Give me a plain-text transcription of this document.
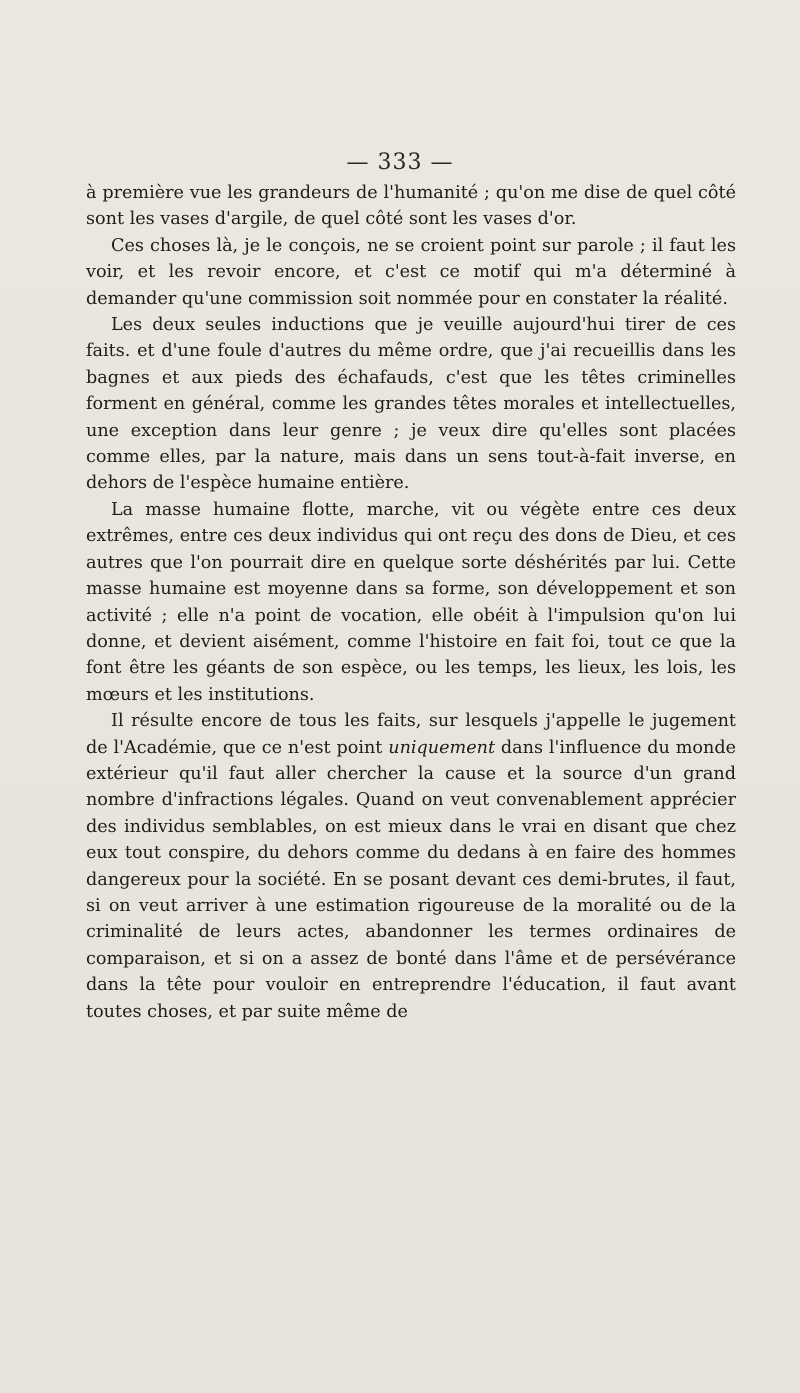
— 333 —

à première vue les grandeurs de l'humanité ; qu'on me dise de quel côté sont les vases d'argile, de quel côté sont les vases d'or.

Ces choses là, je le conçois, ne se croient point sur parole ; il faut les voir, et les revoir encore, et c'est ce motif qui m'a déterminé à demander qu'une commission soit nommée pour en constater la réalité.

Les deux seules inductions que je veuille aujourd'hui tirer de ces faits. et d'une foule d'autres du même ordre, que j'ai recueillis dans les bagnes et aux pieds des échafauds, c'est que les têtes criminelles forment en général, comme les grandes têtes morales et intellectuelles, une exception dans leur genre ; je veux dire qu'elles sont placées comme elles, par la nature, mais dans un sens tout-à-fait inverse, en dehors de l'espèce humaine entière.

La masse humaine flotte, marche, vit ou végète entre ces deux extrêmes, entre ces deux individus qui ont reçu des dons de Dieu, et ces autres que l'on pourrait dire en quelque sorte déshérités par lui. Cette masse humaine est moyenne dans sa forme, son développement et son activité ; elle n'a point de vocation, elle obéit à l'impulsion qu'on lui donne, et devient aisément, comme l'histoire en fait foi, tout ce que la font être les géants de son espèce, ou les temps, les lieux, les lois, les mœurs et les institutions.

Il résulte encore de tous les faits, sur lesquels j'appelle le jugement de l'Académie, que ce n'est point uniquement dans l'influence du monde extérieur qu'il faut aller chercher la cause et la source d'un grand nombre d'infractions légales. Quand on veut convenablement apprécier des individus semblables, on est mieux dans le vrai en disant que chez eux tout conspire, du dehors comme du dedans à en faire des hommes dangereux pour la société. En se posant devant ces demi-brutes, il faut, si on veut arriver à une estimation rigoureuse de la moralité ou de la criminalité de leurs actes, abandonner les termes ordinaires de comparaison, et si on a assez de bonté dans l'âme et de persévérance dans la tête pour vouloir en entreprendre l'éducation, il faut avant toutes choses, et par suite même de
